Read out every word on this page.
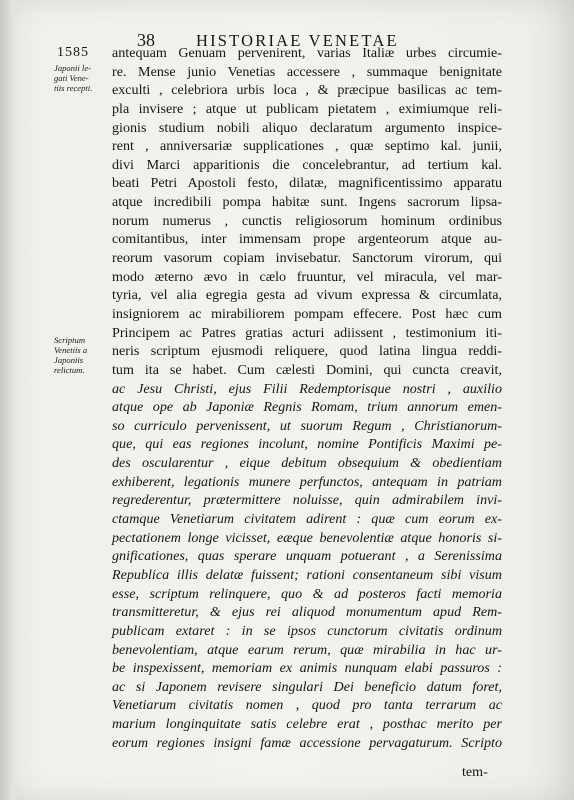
38 HISTORIAE VENETAE
1585
Japonii le-
gati Vene-
tiis recepti.
Scriptum
Venetiis a
Japoniis
relictum.
antequam Genuam pervenirent, varias Italiæ urbes circumie-
re. Mense junio Venetias accessere , summaque benignitate
exculti , celebriora urbis loca , & præcipue basilicas ac tem-
pla invisere ; atque ut publicam pietatem , eximiumque reli-
gionis studium nobili aliquo declaratum argumento inspice-
rent , anniversariæ supplicationes , quæ septimo kal. junii,
divi Marci apparitionis die concelebrantur, ad tertium kal.
beati Petri Apostoli festo, dilatæ, magnificentissimo apparatu
atque incredibili pompa habitæ sunt. Ingens sacrorum lipsa-
norum numerus , cunctis religiosorum hominum ordinibus
comitantibus, inter immensam prope argenteorum atque au-
reorum vasorum copiam invisebatur. Sanctorum virorum, qui
modo æterno ævo in cælo fruuntur, vel miracula, vel mar-
tyria, vel alia egregia gesta ad vivum expressa & circumlata,
insigniorem ac mirabiliorem pompam effecere. Post hæc cum
Principem ac Patres gratias acturi adiissent , testimonium iti-
neris scriptum ejusmodi reliquere, quod latina lingua reddi-
tum ita se habet. Cum cælesti Domini, qui cuncta creavit,
ac Jesu Christi, ejus Filii Redemptorisque nostri , auxilio
atque ope ab Japoniæ Regnis Romam, trium annorum emen-
so curriculo pervenissent, ut suorum Regum , Christianorum-
que, qui eas regiones incolunt, nomine Pontificis Maximi pe-
des oscularentur , eique debitum obsequium & obedientiam
exhiberent, legationis munere perfunctos, antequam in patriam
regrederentur, prætermittere noluisse, quin admirabilem invi-
ctamque Venetiarum civitatem adirent : quæ cum eorum ex-
pectationem longe vicisset, eæque benevolentiæ atque honoris si-
gnificationes, quas sperare unquam potuerant , a Serenissima
Republica illis delatæ fuissent; rationi consentaneum sibi visum
esse, scriptum relinquere, quo & ad posteros facti memoria
transmitteretur, & ejus rei aliquod monumentum apud Rem-
publicam extaret : in se ipsos cunctorum civitatis ordinum
benevolentiam, atque earum rerum, quæ mirabilia in hac ur-
be inspexissent, memoriam ex animis nunquam elabi passuros :
ac si Japonem revisere singulari Dei beneficio datum foret,
Venetiarum civitatis nomen , quod pro tanta terrarum ac
marium longinquitate satis celebre erat , posthac merito per
eorum regiones insigni famæ accessione pervagaturum. Scripto
tem-
